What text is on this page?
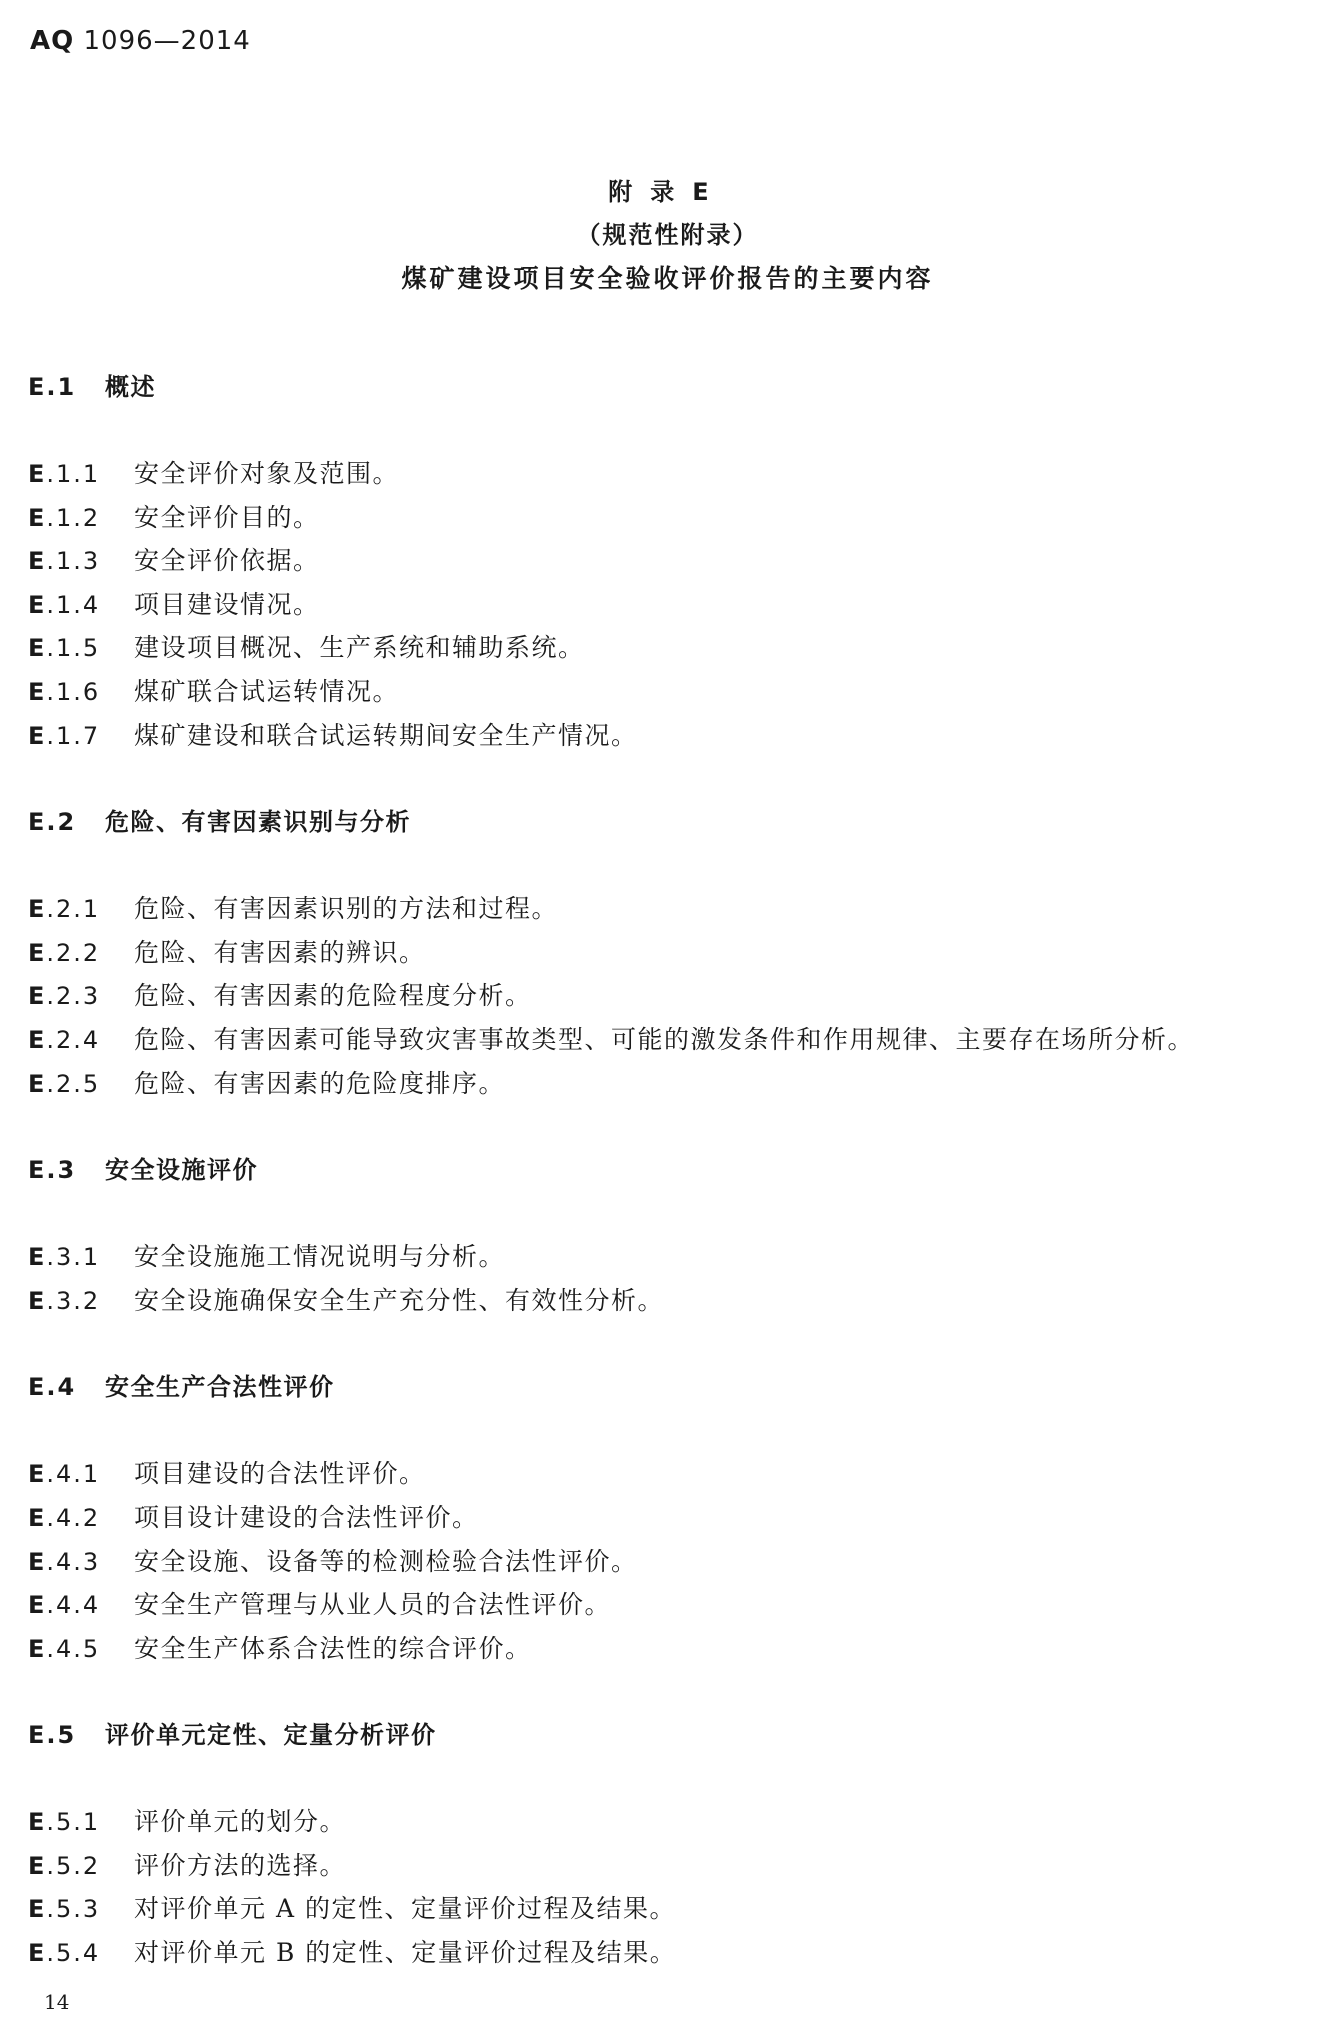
AQ 1096—2014
附录E
（规范性附录）
煤矿建设项目安全验收评价报告的主要内容
E.1 概述
E.1.1 安全评价对象及范围。
E.1.2 安全评价目的。
E.1.3 安全评价依据。
E.1.4 项目建设情况。
E.1.5 建设项目概况、生产系统和辅助系统。
E.1.6 煤矿联合试运转情况。
E.1.7 煤矿建设和联合试运转期间安全生产情况。
E.2 危险、有害因素识别与分析
E.2.1 危险、有害因素识别的方法和过程。
E.2.2 危险、有害因素的辨识。
E.2.3 危险、有害因素的危险程度分析。
E.2.4 危险、有害因素可能导致灾害事故类型、可能的激发条件和作用规律、主要存在场所分析。
E.2.5 危险、有害因素的危险度排序。
E.3 安全设施评价
E.3.1 安全设施施工情况说明与分析。
E.3.2 安全设施确保安全生产充分性、有效性分析。
E.4 安全生产合法性评价
E.4.1 项目建设的合法性评价。
E.4.2 项目设计建设的合法性评价。
E.4.3 安全设施、设备等的检测检验合法性评价。
E.4.4 安全生产管理与从业人员的合法性评价。
E.4.5 安全生产体系合法性的综合评价。
E.5 评价单元定性、定量分析评价
E.5.1 评价单元的划分。
E.5.2 评价方法的选择。
E.5.3 对评价单元 A 的定性、定量评价过程及结果。
E.5.4 对评价单元 B 的定性、定量评价过程及结果。
14
